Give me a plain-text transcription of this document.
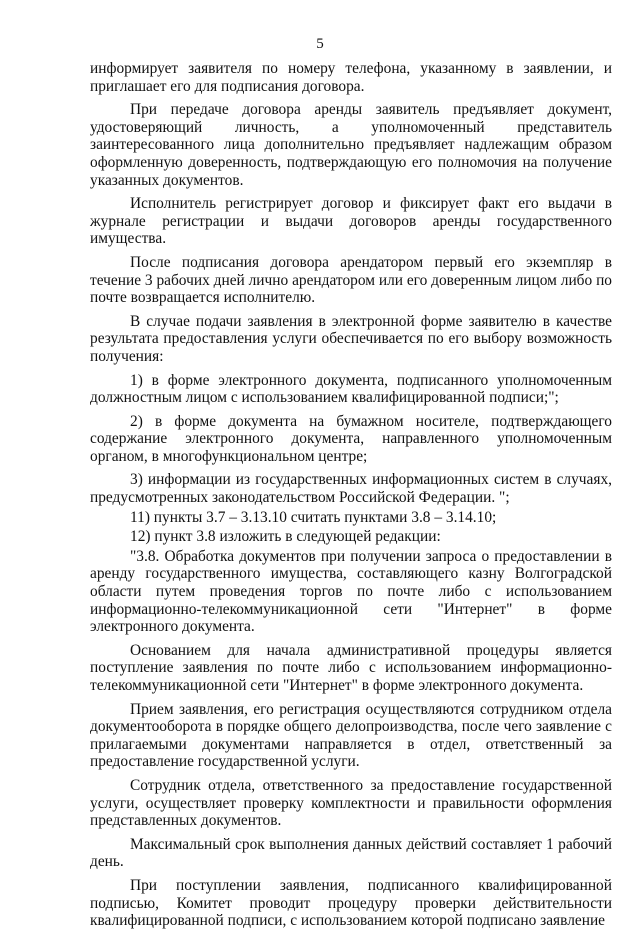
5

информирует заявителя по номеру телефона, указанному в заявлении, и приглашает его для подписания договора.

При передаче договора аренды заявитель предъявляет документ, удостоверяющий личность, а уполномоченный представитель заинтересованного лица дополнительно предъявляет надлежащим образом оформленную доверенность, подтверждающую его полномочия на получение указанных документов.

Исполнитель регистрирует договор и фиксирует факт его выдачи в журнале регистрации и выдачи договоров аренды государственного имущества.

После подписания договора арендатором первый его экземпляр в течение 3 рабочих дней лично арендатором или его доверенным лицом либо по почте возвращается исполнителю.

В случае подачи заявления в электронной форме заявителю в качестве результата предоставления услуги обеспечивается по его выбору возможность получения:

1) в форме электронного документа, подписанного уполномоченным должностным лицом с использованием квалифицированной подписи;";

2) в форме документа на бумажном носителе, подтверждающего содержание электронного документа, направленного уполномоченным органом, в многофункциональном центре;

3) информации из государственных информационных систем в случаях, предусмотренных законодательством Российской Федерации. ";

11) пункты 3.7 – 3.13.10 считать пунктами 3.8 – 3.14.10;

12) пункт 3.8 изложить в следующей редакции:

"3.8. Обработка документов при получении запроса о предоставлении в аренду государственного имущества, составляющего казну Волгоградской области путем проведения торгов по почте либо с использованием информационно-телекоммуникационной сети "Интернет" в форме электронного документа.

Основанием для начала административной процедуры является поступление заявления по почте либо с использованием информационно-телекоммуникационной сети "Интернет" в форме электронного документа.

Прием заявления, его регистрация осуществляются сотрудником отдела документооборота в порядке общего делопроизводства, после чего заявление с прилагаемыми документами направляется в отдел, ответственный за предоставление государственной услуги.

Сотрудник отдела, ответственного за предоставление государственной услуги, осуществляет проверку комплектности и правильности оформления представленных документов.

Максимальный срок выполнения данных действий составляет 1 рабочий день.

При поступлении заявления, подписанного квалифицированной подписью, Комитет проводит процедуру проверки действительности квалифицированной подписи, с использованием которой подписано заявление
